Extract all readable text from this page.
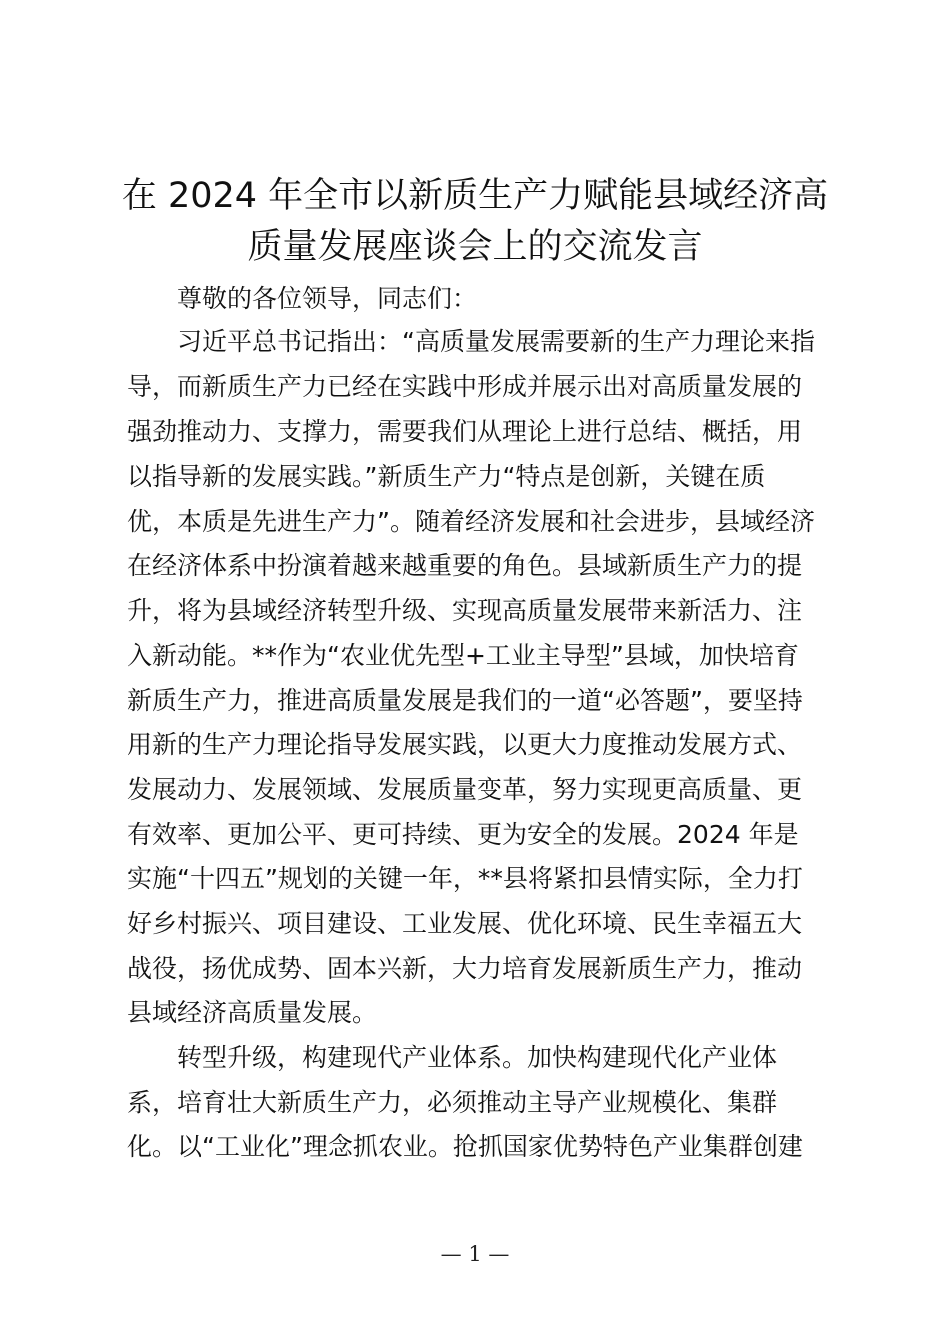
在 2024 年全市以新质生产力赋能县域经济高
质量发展座谈会上的交流发言
尊敬的各位领导，同志们：
习近平总书记指出：“高质量发展需要新的生产力理论来指
导，而新质生产力已经在实践中形成并展示出对高质量发展的
强劲推动力、支撑力，需要我们从理论上进行总结、概括，用
以指导新的发展实践。”新质生产力“特点是创新，关键在质
优，本质是先进生产力”。随着经济发展和社会进步，县域经济
在经济体系中扮演着越来越重要的角色。县域新质生产力的提
升，将为县域经济转型升级、实现高质量发展带来新活力、注
入新动能。**作为“农业优先型+工业主导型”县域，加快培育
新质生产力，推进高质量发展是我们的一道“必答题”，要坚持
用新的生产力理论指导发展实践，以更大力度推动发展方式、
发展动力、发展领域、发展质量变革，努力实现更高质量、更
有效率、更加公平、更可持续、更为安全的发展。2024 年是
实施“十四五”规划的关键一年，**县将紧扣县情实际，全力打
好乡村振兴、项目建设、工业发展、优化环境、民生幸福五大
战役，扬优成势、固本兴新，大力培育发展新质生产力，推动
县域经济高质量发展。
转型升级，构建现代产业体系。加快构建现代化产业体
系，培育壮大新质生产力，必须推动主导产业规模化、集群
化。以“工业化”理念抓农业。抢抓国家优势特色产业集群创建
— 1 —
